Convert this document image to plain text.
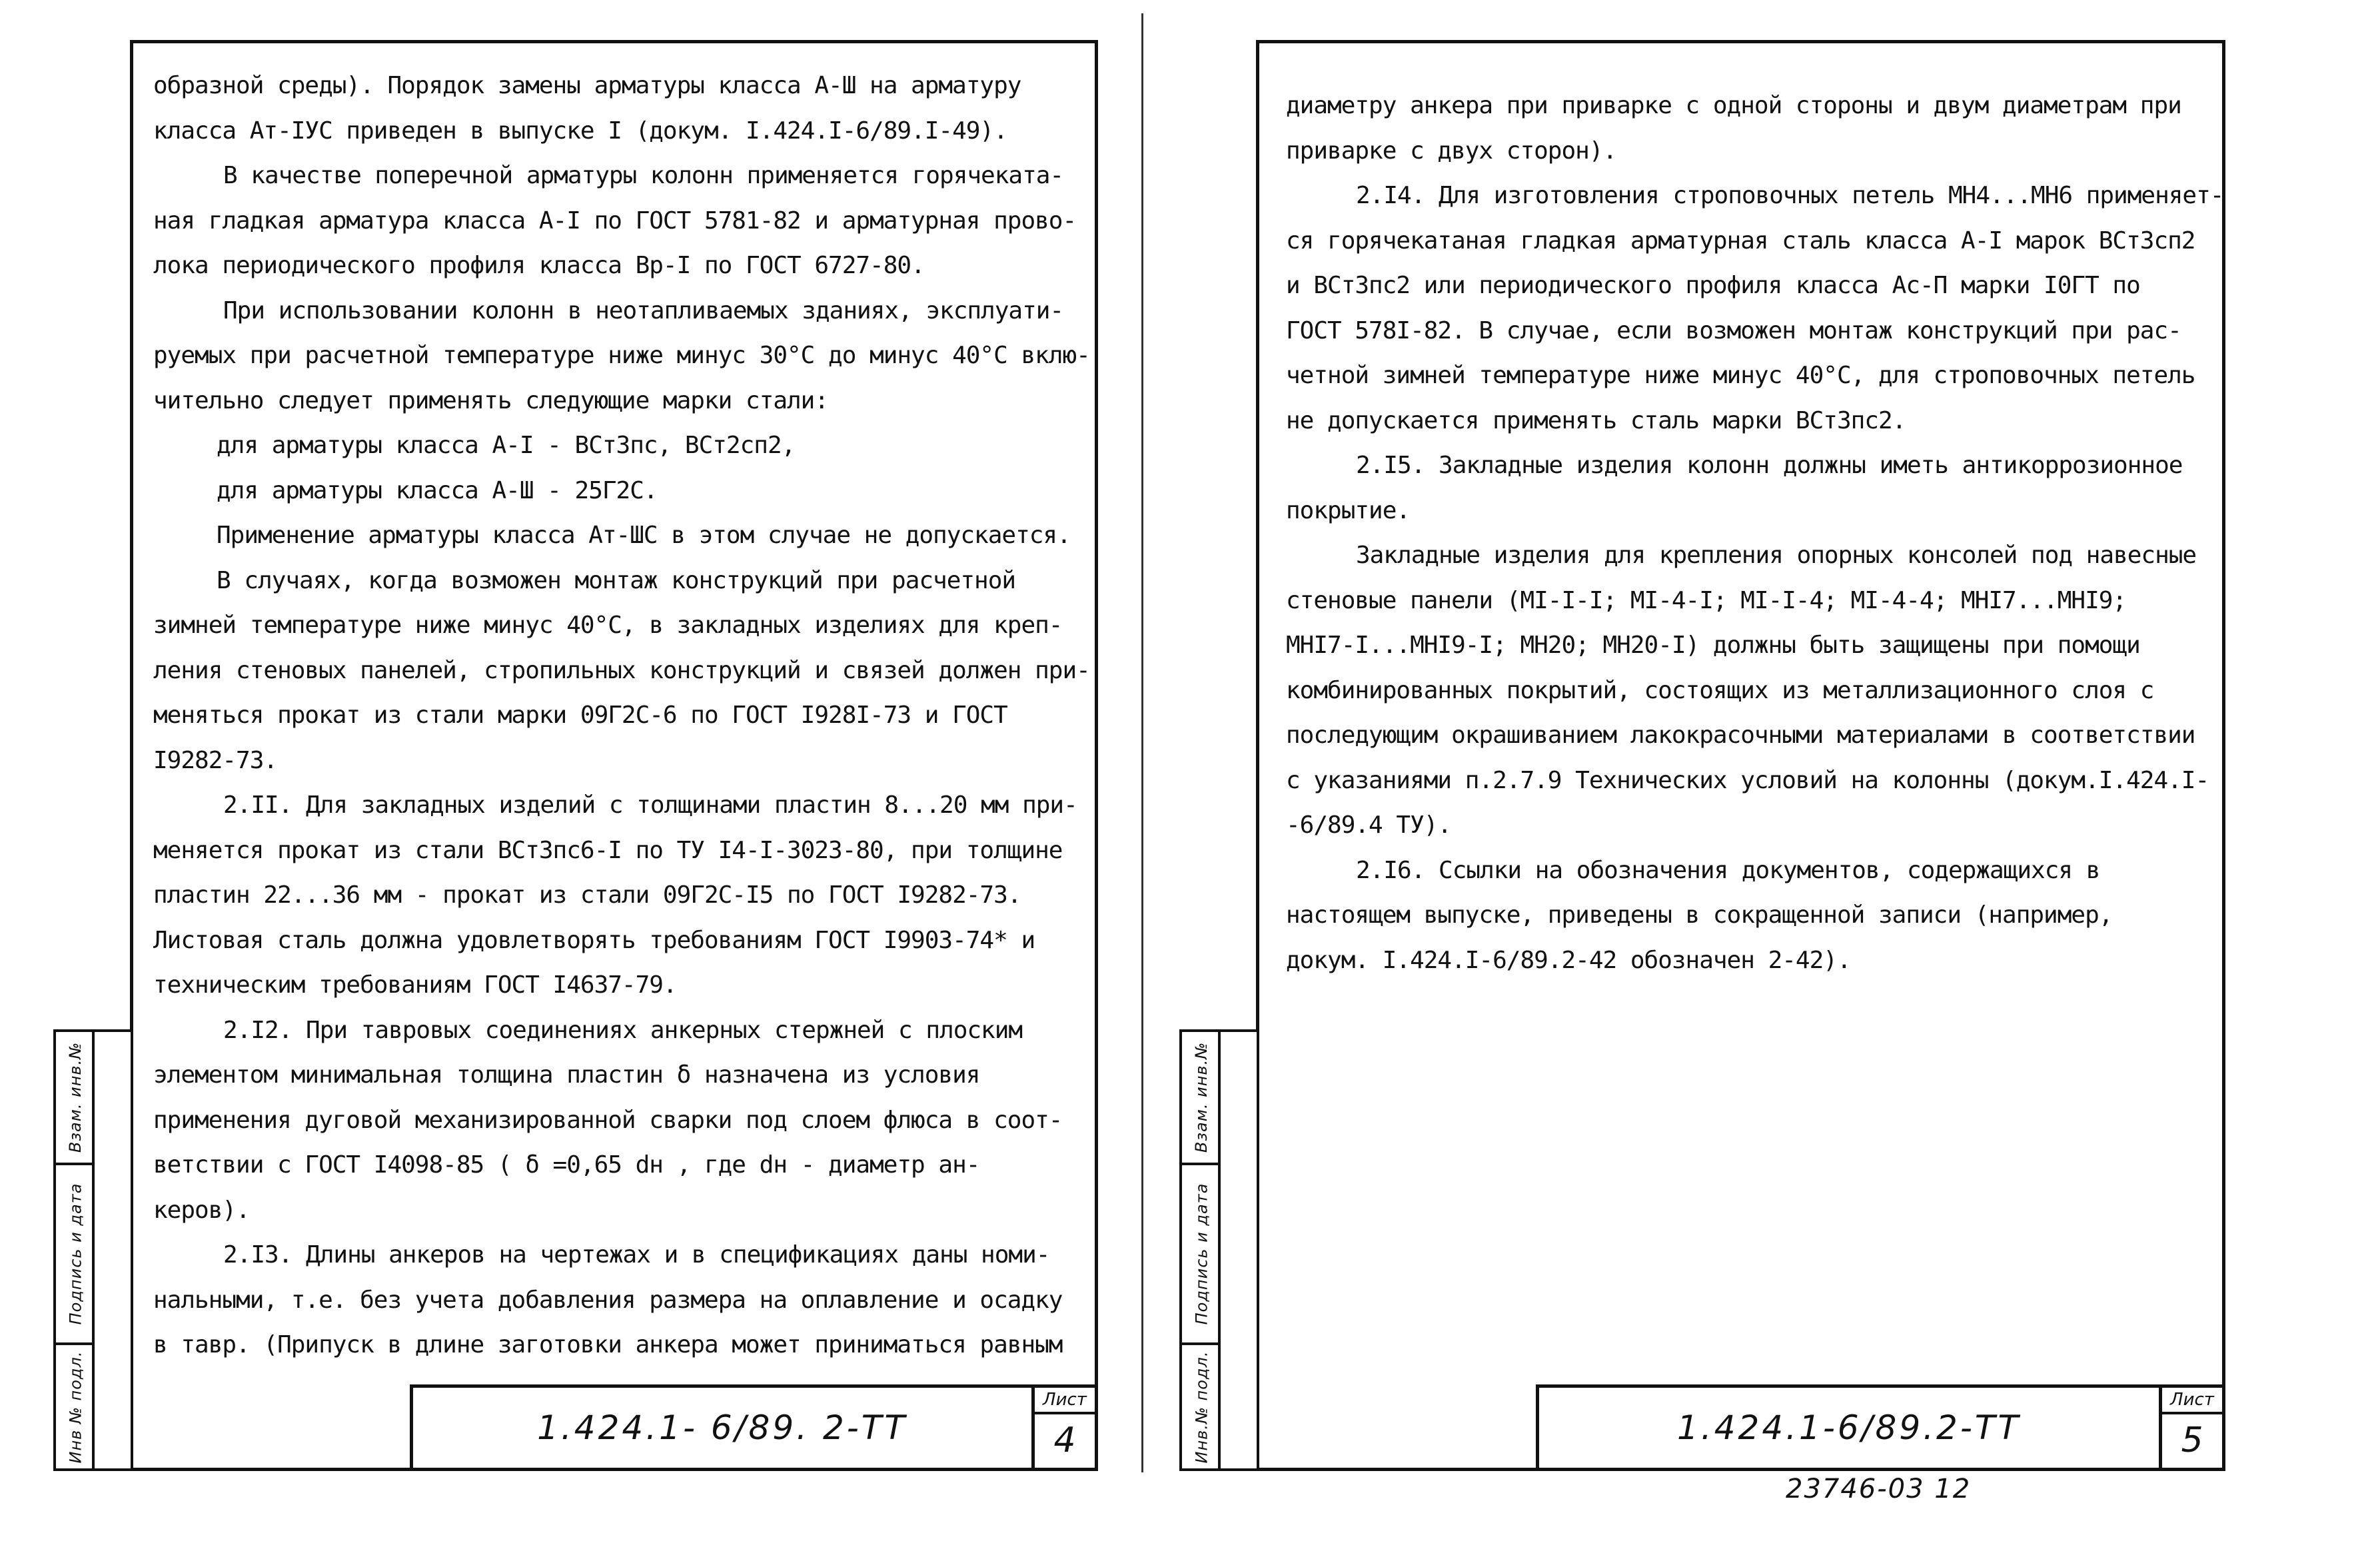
образной среды). Порядок замены арматуры класса А-Ш на арматуру
класса Ат-IУС приведен в выпуске I (докум. I.424.I-6/89.I-49).
В качестве поперечной арматуры колонн применяется горячеката-
ная гладкая арматура класса А-I по ГОСТ 5781-82 и арматурная прово-
лока периодического профиля класса Вр-I по ГОСТ 6727-80.
При использовании колонн в неотапливаемых зданиях, эксплуати-
руемых при расчетной температуре ниже минус 30°С до минус 40°С вклю-
чительно следует применять следующие марки стали:
для арматуры класса А-I - ВСт3пс, ВСт2сп2,
для арматуры класса А-Ш - 25Г2С.
Применение арматуры класса Ат-ШС в этом случае не допускается.
В случаях, когда возможен монтаж конструкций при расчетной
зимней температуре ниже минус 40°С, в закладных изделиях для креп-
ления стеновых панелей, стропильных конструкций и связей должен при-
меняться прокат из стали марки 09Г2С-6 по ГОСТ I928I-73 и ГОСТ
I9282-73.
2.II. Для закладных изделий с толщинами пластин 8...20 мм при-
меняется прокат из стали ВСт3пс6-I по ТУ I4-I-3023-80, при толщине
пластин 22...36 мм - прокат из стали 09Г2С-I5 по ГОСТ I9282-73.
Листовая сталь должна удовлетворять требованиям ГОСТ I9903-74* и
техническим требованиям ГОСТ I4637-79.
2.I2. При тавровых соединениях анкерных стержней с плоским
элементом минимальная толщина пластин δ назначена из условия
применения дуговой механизированной сварки под слоем флюса в соот-
ветствии с ГОСТ I4098-85 ( δ =0,65 dн , где dн - диаметр ан-
керов).
2.I3. Длины анкеров на чертежах и в спецификациях даны номи-
нальными, т.е. без учета добавления размера на оплавление и осадку
в тавр. (Припуск в длине заготовки анкера может приниматься равным
1.424.1- 6/89. 2-ТТ
Лист
4
Взам. инв.№
Подпись и дата
Инв № подл.
диаметру анкера при приварке с одной стороны и двум диаметрам при
приварке с двух сторон).
2.I4. Для изготовления строповочных петель МН4...МН6 применяет-
ся горячекатаная гладкая арматурная сталь класса А-I марок ВСт3сп2
и ВСт3пс2 или периодического профиля класса Ас-П марки I0ГТ по
ГОСТ 578I-82. В случае, если возможен монтаж конструкций при рас-
четной зимней температуре ниже минус 40°С, для строповочных петель
не допускается применять сталь марки ВСт3пс2.
2.I5. Закладные изделия колонн должны иметь антикоррозионное
покрытие.
Закладные изделия для крепления опорных консолей под навесные
стеновые панели (МI-I-I; МI-4-I; МI-I-4; МI-4-4; МНI7...МНI9;
МНI7-I...МНI9-I; МН20; МН20-I) должны быть защищены при помощи
комбинированных покрытий, состоящих из металлизационного слоя с
последующим окрашиванием лакокрасочными материалами в соответствии
с указаниями п.2.7.9 Технических условий на колонны (докум.I.424.I-
-6/89.4 ТУ).
2.I6. Ссылки на обозначения документов, содержащихся в
настоящем выпуске, приведены в сокращенной записи (например,
докум. I.424.I-6/89.2-42 обозначен 2-42).
1.424.1-6/89.2-ТТ
Лист
5
Взам. инв.№
Подпись и дата
Инв.№ подл.
23746-03 12
